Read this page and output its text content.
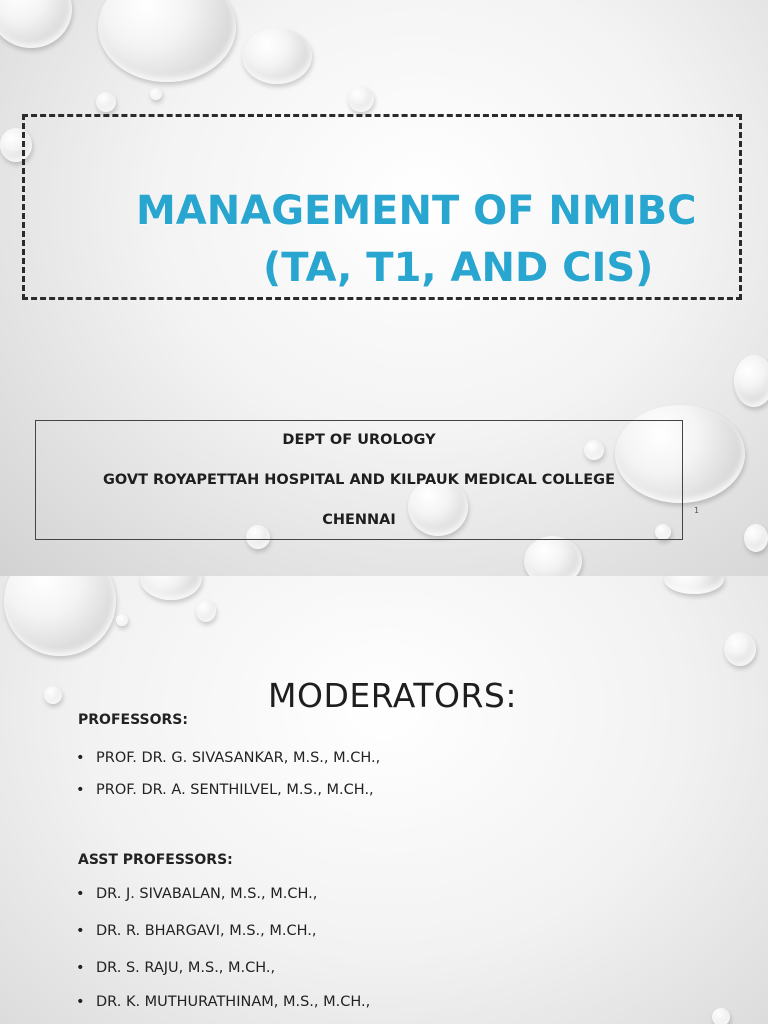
MANAGEMENT OF NMIBC
(TA, T1, AND CIS)

DEPT OF UROLOGY

GOVT ROYAPETTAH HOSPITAL AND KILPAUK MEDICAL COLLEGE

CHENNAI

1
MODERATORS:

PROFESSORS:

• PROF. DR. G. SIVASANKAR, M.S., M.CH.,

• PROF. DR. A. SENTHILVEL, M.S., M.CH.,

ASST PROFESSORS:

• DR. J. SIVABALAN, M.S., M.CH.,

• DR. R. BHARGAVI, M.S., M.CH.,

• DR. S. RAJU, M.S., M.CH.,

• DR. K. MUTHURATHINAM, M.S., M.CH.,
